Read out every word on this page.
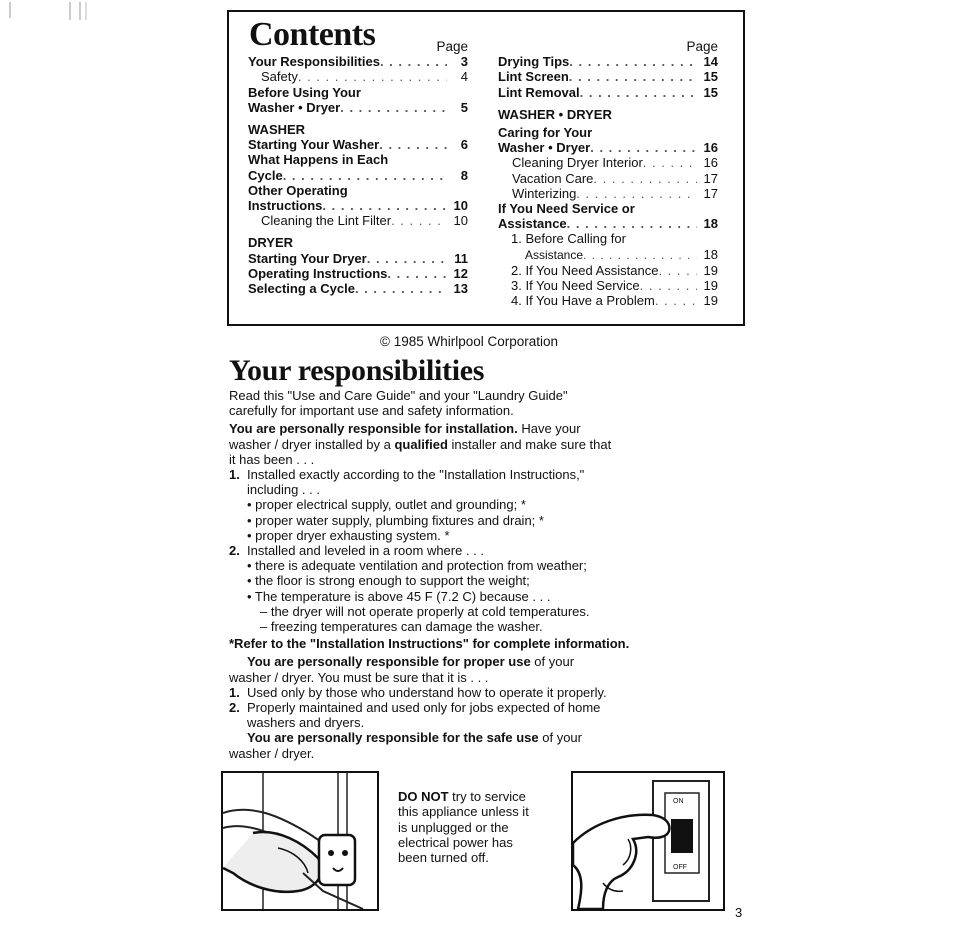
Contents	Page
Your Responsibilities . . .	3
Safety . . .	4
Before Using Your
Washer • Dryer . . .	5
WASHER
Starting Your Washer . . .	6
What Happens in Each
Cycle . . .	8
Other Operating
Instructions . . .	10
Cleaning the Lint Filter . . .	10
DRYER
Starting Your Dryer . . .	11
Operating Instructions . . .	12
Selecting a Cycle . . .	13
Page
Drying Tips . . .	14
Lint Screen . . .	15
Lint Removal . . .	15
WASHER • DRYER
Caring for Your
Washer • Dryer . . .	16
Cleaning Dryer Interior . . .	16
Vacation Care . . .	17
Winterizing . . .	17
If You Need Service or
Assistance . . .	18
1. Before Calling for
Assistance . . .	18
2. If You Need Assistance . . .	19
3. If You Need Service . . .	19
4. If You Have a Problem . . .	19
© 1985 Whirlpool Corporation
Your responsibilities

Read this "Use and Care Guide" and your "Laundry Guide"

carefully for important use and safety information.

You are personally responsible for installation. Have your

washer / dryer installed by a qualified installer and make sure that

it has been . . .

1. Installed exactly according to the "Installation Instructions,"

including . . .

• proper electrical supply, outlet and grounding; *

• proper water supply, plumbing fixtures and drain; *

• proper dryer exhausting system. *

2. Installed and leveled in a room where . . .

• there is adequate ventilation and protection from weather;

• the floor is strong enough to support the weight;

• The temperature is above 45 F (7.2 C) because . . .

– the dryer will not operate properly at cold temperatures.

– freezing temperatures can damage the washer.

*Refer to the "Installation Instructions" for complete information.

You are personally responsible for proper use of your

washer / dryer. You must be sure that it is . . .

1. Used only by those who understand how to operate it properly.

2. Properly maintained and used only for jobs expected of home

washers and dryers.

You are personally responsible for the safe use of your

washer / dryer.

DO NOT try to service
this appliance unless it
is unplugged or the
electrical power has
been turned off.
ON
OFF
3
